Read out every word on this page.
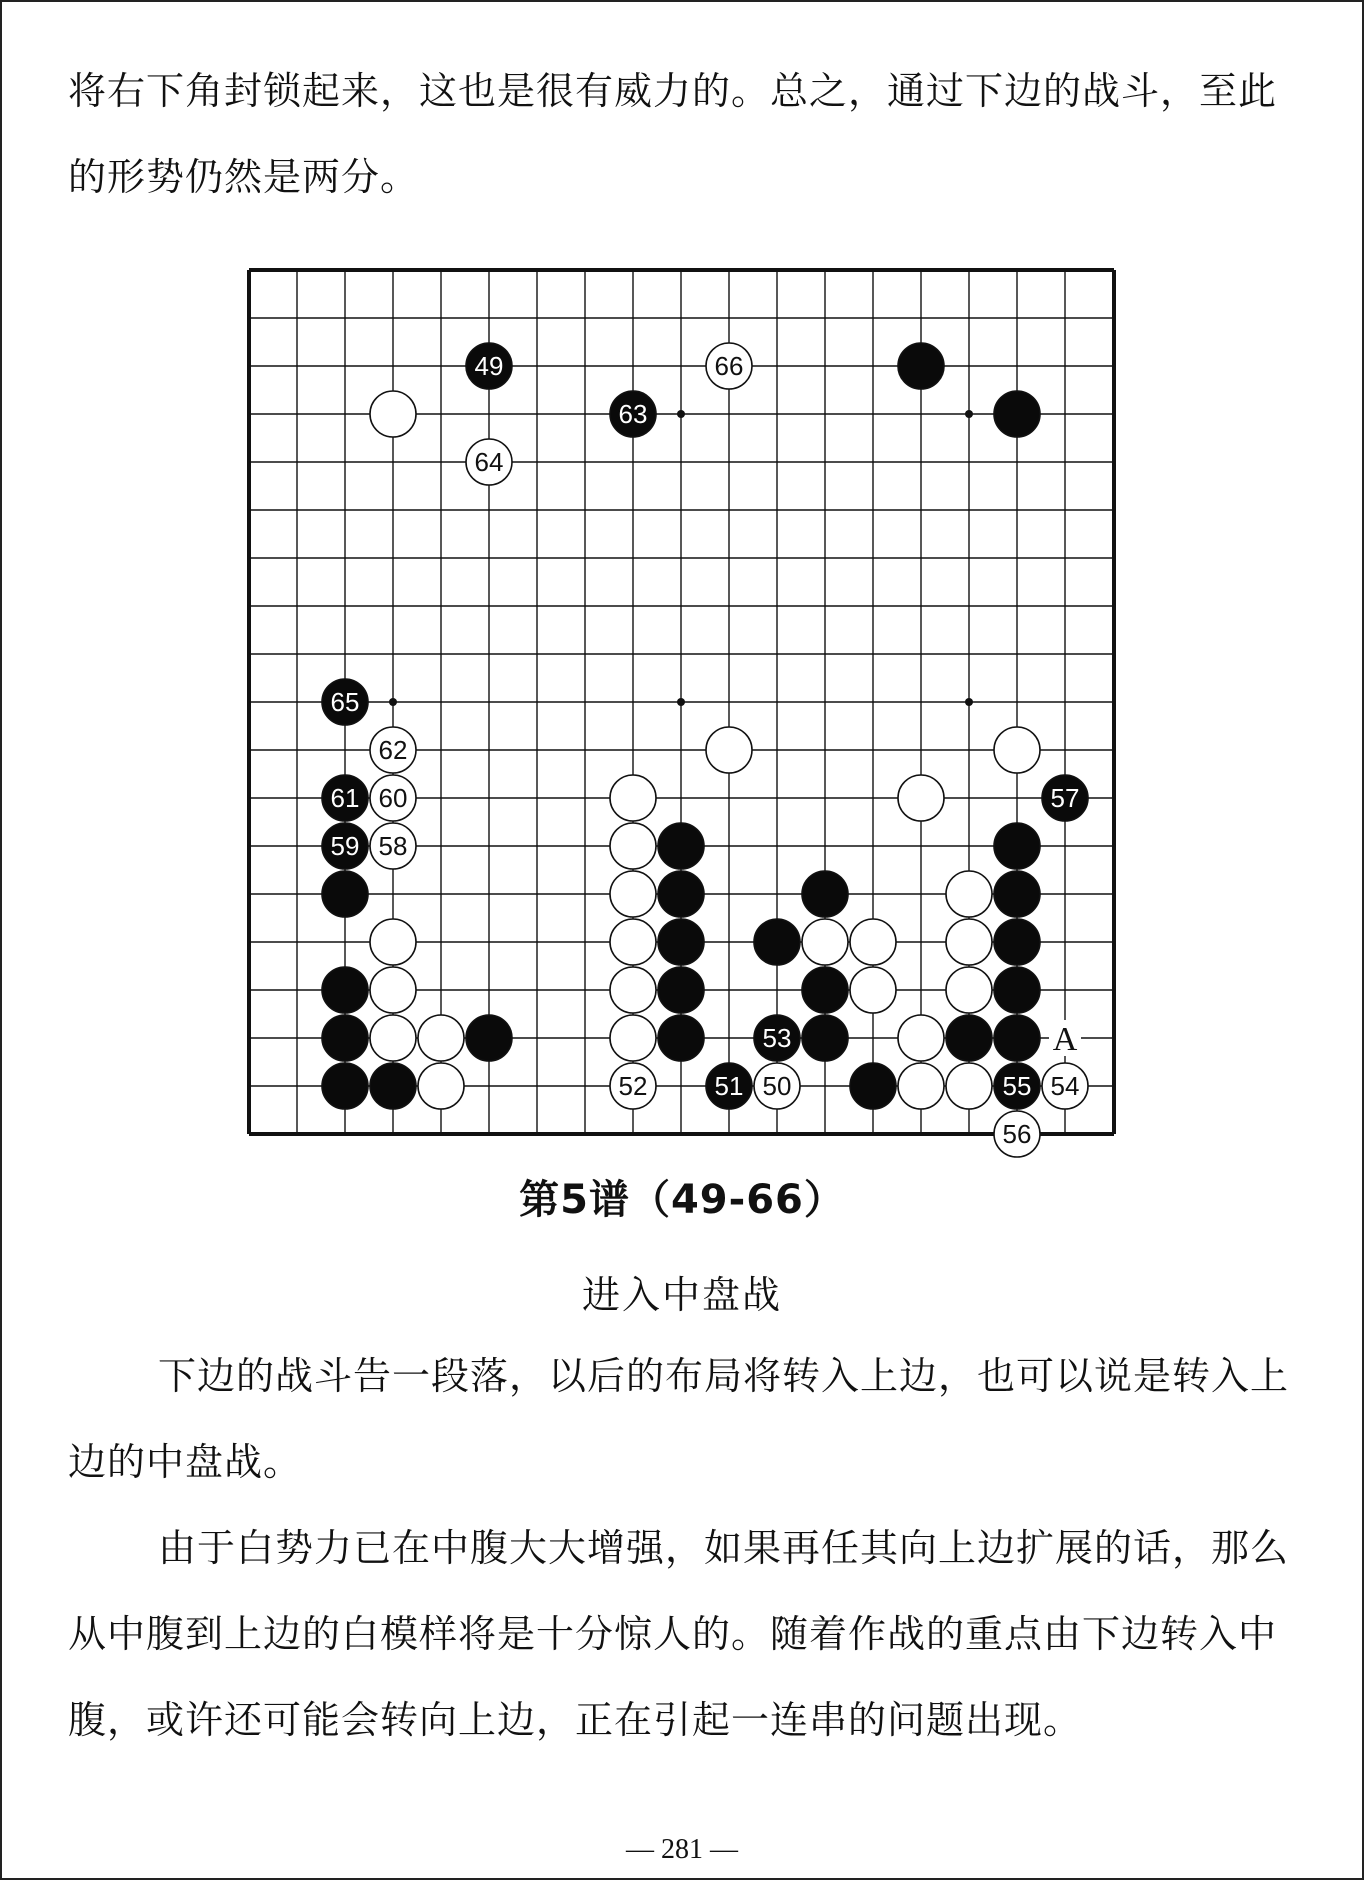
将右下角封锁起来，这也是很有威力的。总之，通过下边的战斗，至此的形势仍然是两分。

49	66
63
64
65
62
61 60	57
59 58
53
52	51 50	55 54
56
A
第5谱（49-66）
进入中盘战

下边的战斗告一段落，以后的布局将转入上边，也可以说是转入上边的中盘战。

由于白势力已在中腹大大增强，如果再任其向上边扩展的话，那么从中腹到上边的白模样将是十分惊人的。随着作战的重点由下边转入中腹，或许还可能会转向上边，正在引起一连串的问题出现。

— 281 —
